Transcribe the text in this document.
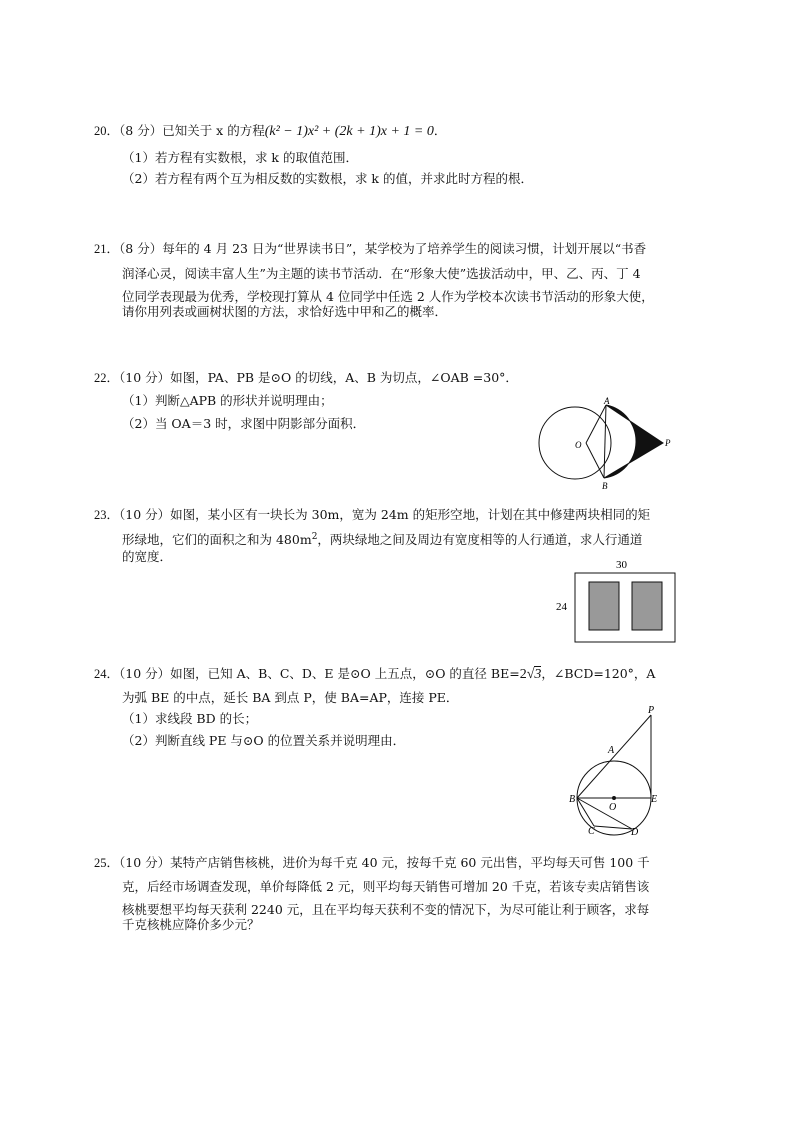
20．（8 分）已知关于 x 的方程(k² − 1)x² + (2k + 1)x + 1 = 0．
（1）若方程有实数根，求 k 的取值范围．
（2）若方程有两个互为相反数的实数根，求 k 的值，并求此时方程的根．
21．（8 分）每年的 4 月 23 日为“世界读书日”，某学校为了培养学生的阅读习惯，计划开展以“书香
润泽心灵，阅读丰富人生”为主题的读书节活动．在“形象大使”选拔活动中，甲、乙、丙、丁 4
位同学表现最为优秀，学校现打算从 4 位同学中任选 2 人作为学校本次读书节活动的形象大使，
请你用列表或画树状图的方法，求恰好选中甲和乙的概率．
22．（10 分）如图，PA、PB 是⊙O 的切线，A、B 为切点，∠OAB =30°．
（1）判断△APB 的形状并说明理由；
（2）当 OA＝3 时，求图中阴影部分面积．
A
B
O	P
23．（10 分）如图，某小区有一块长为 30m，宽为 24m 的矩形空地，计划在其中修建两块相同的矩
形绿地，它们的面积之和为 $480m^2$，两块绿地之间及周边有宽度相等的人行通道，求人行通道
的宽度．
30
24
24．（10 分）如图，已知 A、B、C、D、E 是⊙O 上五点，⊙O 的直径 BE=2√3，∠BCD=120°，A
为弧 BE 的中点，延长 BA 到点 P，使 BA=AP，连接 PE．
（1）求线段 BD 的长；
（2）判断直线 PE 与⊙O 的位置关系并说明理由．
P
A
B
O
E
C	D
25．（10 分）某特产店销售核桃，进价为每千克 40 元，按每千克 60 元出售，平均每天可售 100 千
克，后经市场调查发现，单价每降低 2 元，则平均每天销售可增加 20 千克，若该专卖店销售该
核桃要想平均每天获利 2240 元，且在平均每天获利不变的情况下，为尽可能让利于顾客，求每
千克核桃应降价多少元？
